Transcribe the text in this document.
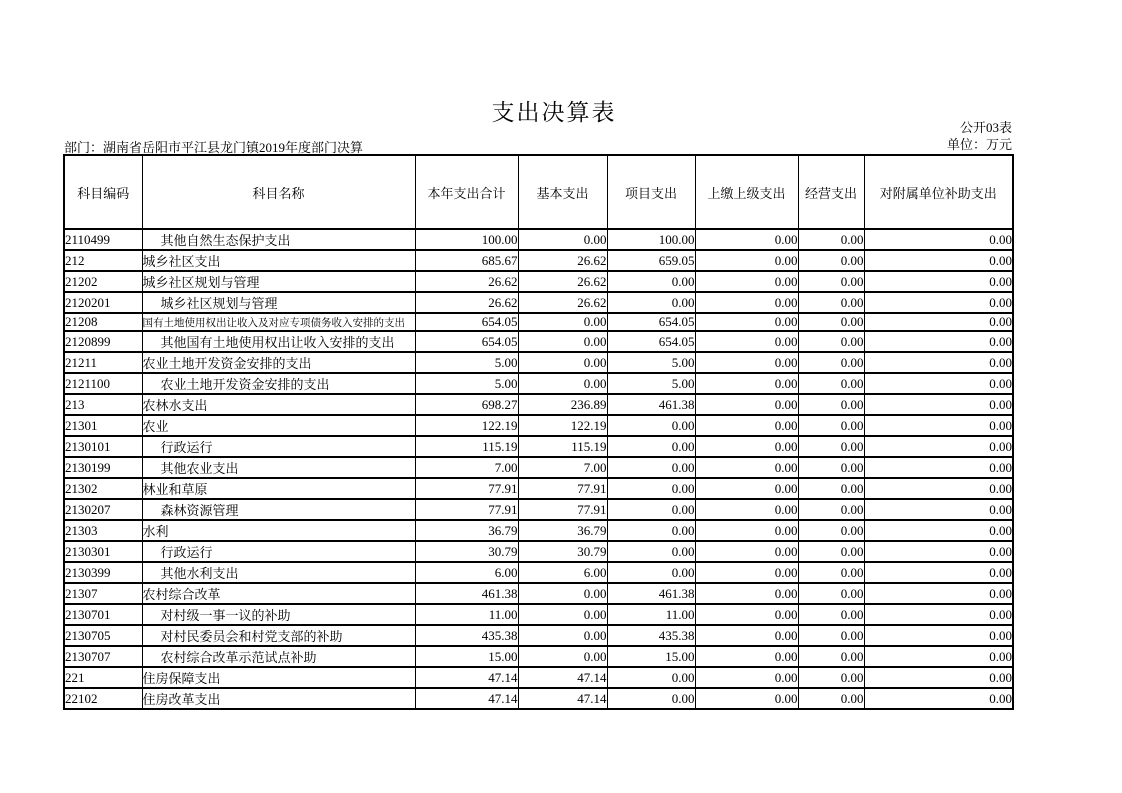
支出决算表
公开03表
单位：万元
部门：湖南省岳阳市平江县龙门镇2019年度部门决算
科目编码	科目名称	本年支出合计	基本支出	项目支出	上缴上级支出	经营支出	对附属单位补助支出
2110499	其他自然生态保护支出	100.00	0.00	100.00	0.00	0.00	0.00
212	城乡社区支出	685.67	26.62	659.05	0.00	0.00	0.00
21202	城乡社区规划与管理	26.62	26.62	0.00	0.00	0.00	0.00
2120201	城乡社区规划与管理	26.62	26.62	0.00	0.00	0.00	0.00
21208	国有土地使用权出让收入及对应专项债务收入安排的支出	654.05	0.00	654.05	0.00	0.00	0.00
2120899	其他国有土地使用权出让收入安排的支出	654.05	0.00	654.05	0.00	0.00	0.00
21211	农业土地开发资金安排的支出	5.00	0.00	5.00	0.00	0.00	0.00
2121100	农业土地开发资金安排的支出	5.00	0.00	5.00	0.00	0.00	0.00
213	农林水支出	698.27	236.89	461.38	0.00	0.00	0.00
21301	农业	122.19	122.19	0.00	0.00	0.00	0.00
2130101	行政运行	115.19	115.19	0.00	0.00	0.00	0.00
2130199	其他农业支出	7.00	7.00	0.00	0.00	0.00	0.00
21302	林业和草原	77.91	77.91	0.00	0.00	0.00	0.00
2130207	森林资源管理	77.91	77.91	0.00	0.00	0.00	0.00
21303	水利	36.79	36.79	0.00	0.00	0.00	0.00
2130301	行政运行	30.79	30.79	0.00	0.00	0.00	0.00
2130399	其他水利支出	6.00	6.00	0.00	0.00	0.00	0.00
21307	农村综合改革	461.38	0.00	461.38	0.00	0.00	0.00
2130701	对村级一事一议的补助	11.00	0.00	11.00	0.00	0.00	0.00
2130705	对村民委员会和村党支部的补助	435.38	0.00	435.38	0.00	0.00	0.00
2130707	农村综合改革示范试点补助	15.00	0.00	15.00	0.00	0.00	0.00
221	住房保障支出	47.14	47.14	0.00	0.00	0.00	0.00
22102	住房改革支出	47.14	47.14	0.00	0.00	0.00	0.00
